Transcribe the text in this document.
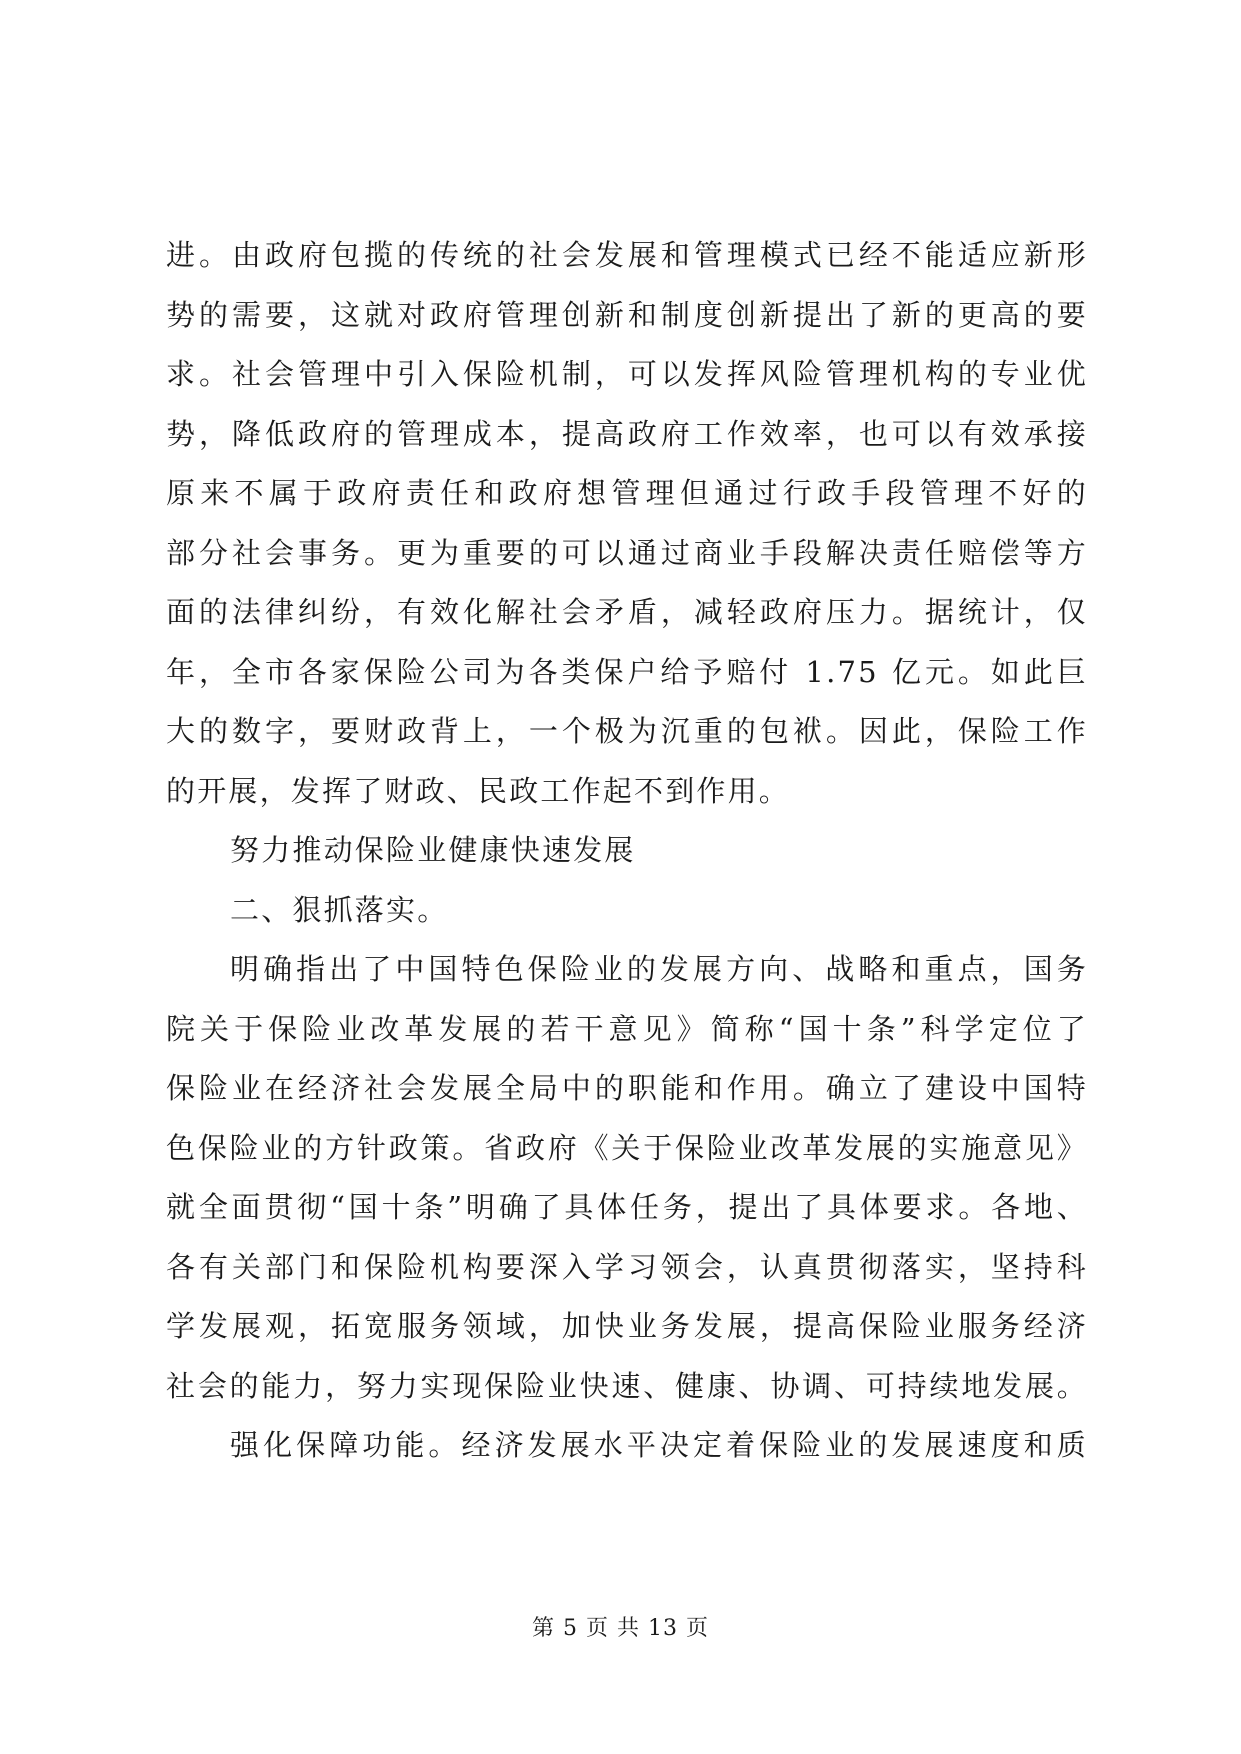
进。由政府包揽的传统的社会发展和管理模式已经不能适应新形
势的需要，这就对政府管理创新和制度创新提出了新的更高的要
求。社会管理中引入保险机制，可以发挥风险管理机构的专业优
势，降低政府的管理成本，提高政府工作效率，也可以有效承接
原来不属于政府责任和政府想管理但通过行政手段管理不好的
部分社会事务。更为重要的可以通过商业手段解决责任赔偿等方
面的法律纠纷，有效化解社会矛盾，减轻政府压力。据统计，仅
年，全市各家保险公司为各类保户给予赔付 1.75 亿元。如此巨
大的数字，要财政背上，一个极为沉重的包袱。因此，保险工作
的开展，发挥了财政、民政工作起不到作用。
努力推动保险业健康快速发展
二、狠抓落实。
明确指出了中国特色保险业的发展方向、战略和重点，国务
院关于保险业改革发展的若干意见》简称“国十条”科学定位了
保险业在经济社会发展全局中的职能和作用。确立了建设中国特
色保险业的方针政策。省政府《关于保险业改革发展的实施意见》
就全面贯彻“国十条”明确了具体任务，提出了具体要求。各地、
各有关部门和保险机构要深入学习领会，认真贯彻落实，坚持科
学发展观，拓宽服务领域，加快业务发展，提高保险业服务经济
社会的能力，努力实现保险业快速、健康、协调、可持续地发展。
强化保障功能。经济发展水平决定着保险业的发展速度和质
第 5 页 共 13 页
